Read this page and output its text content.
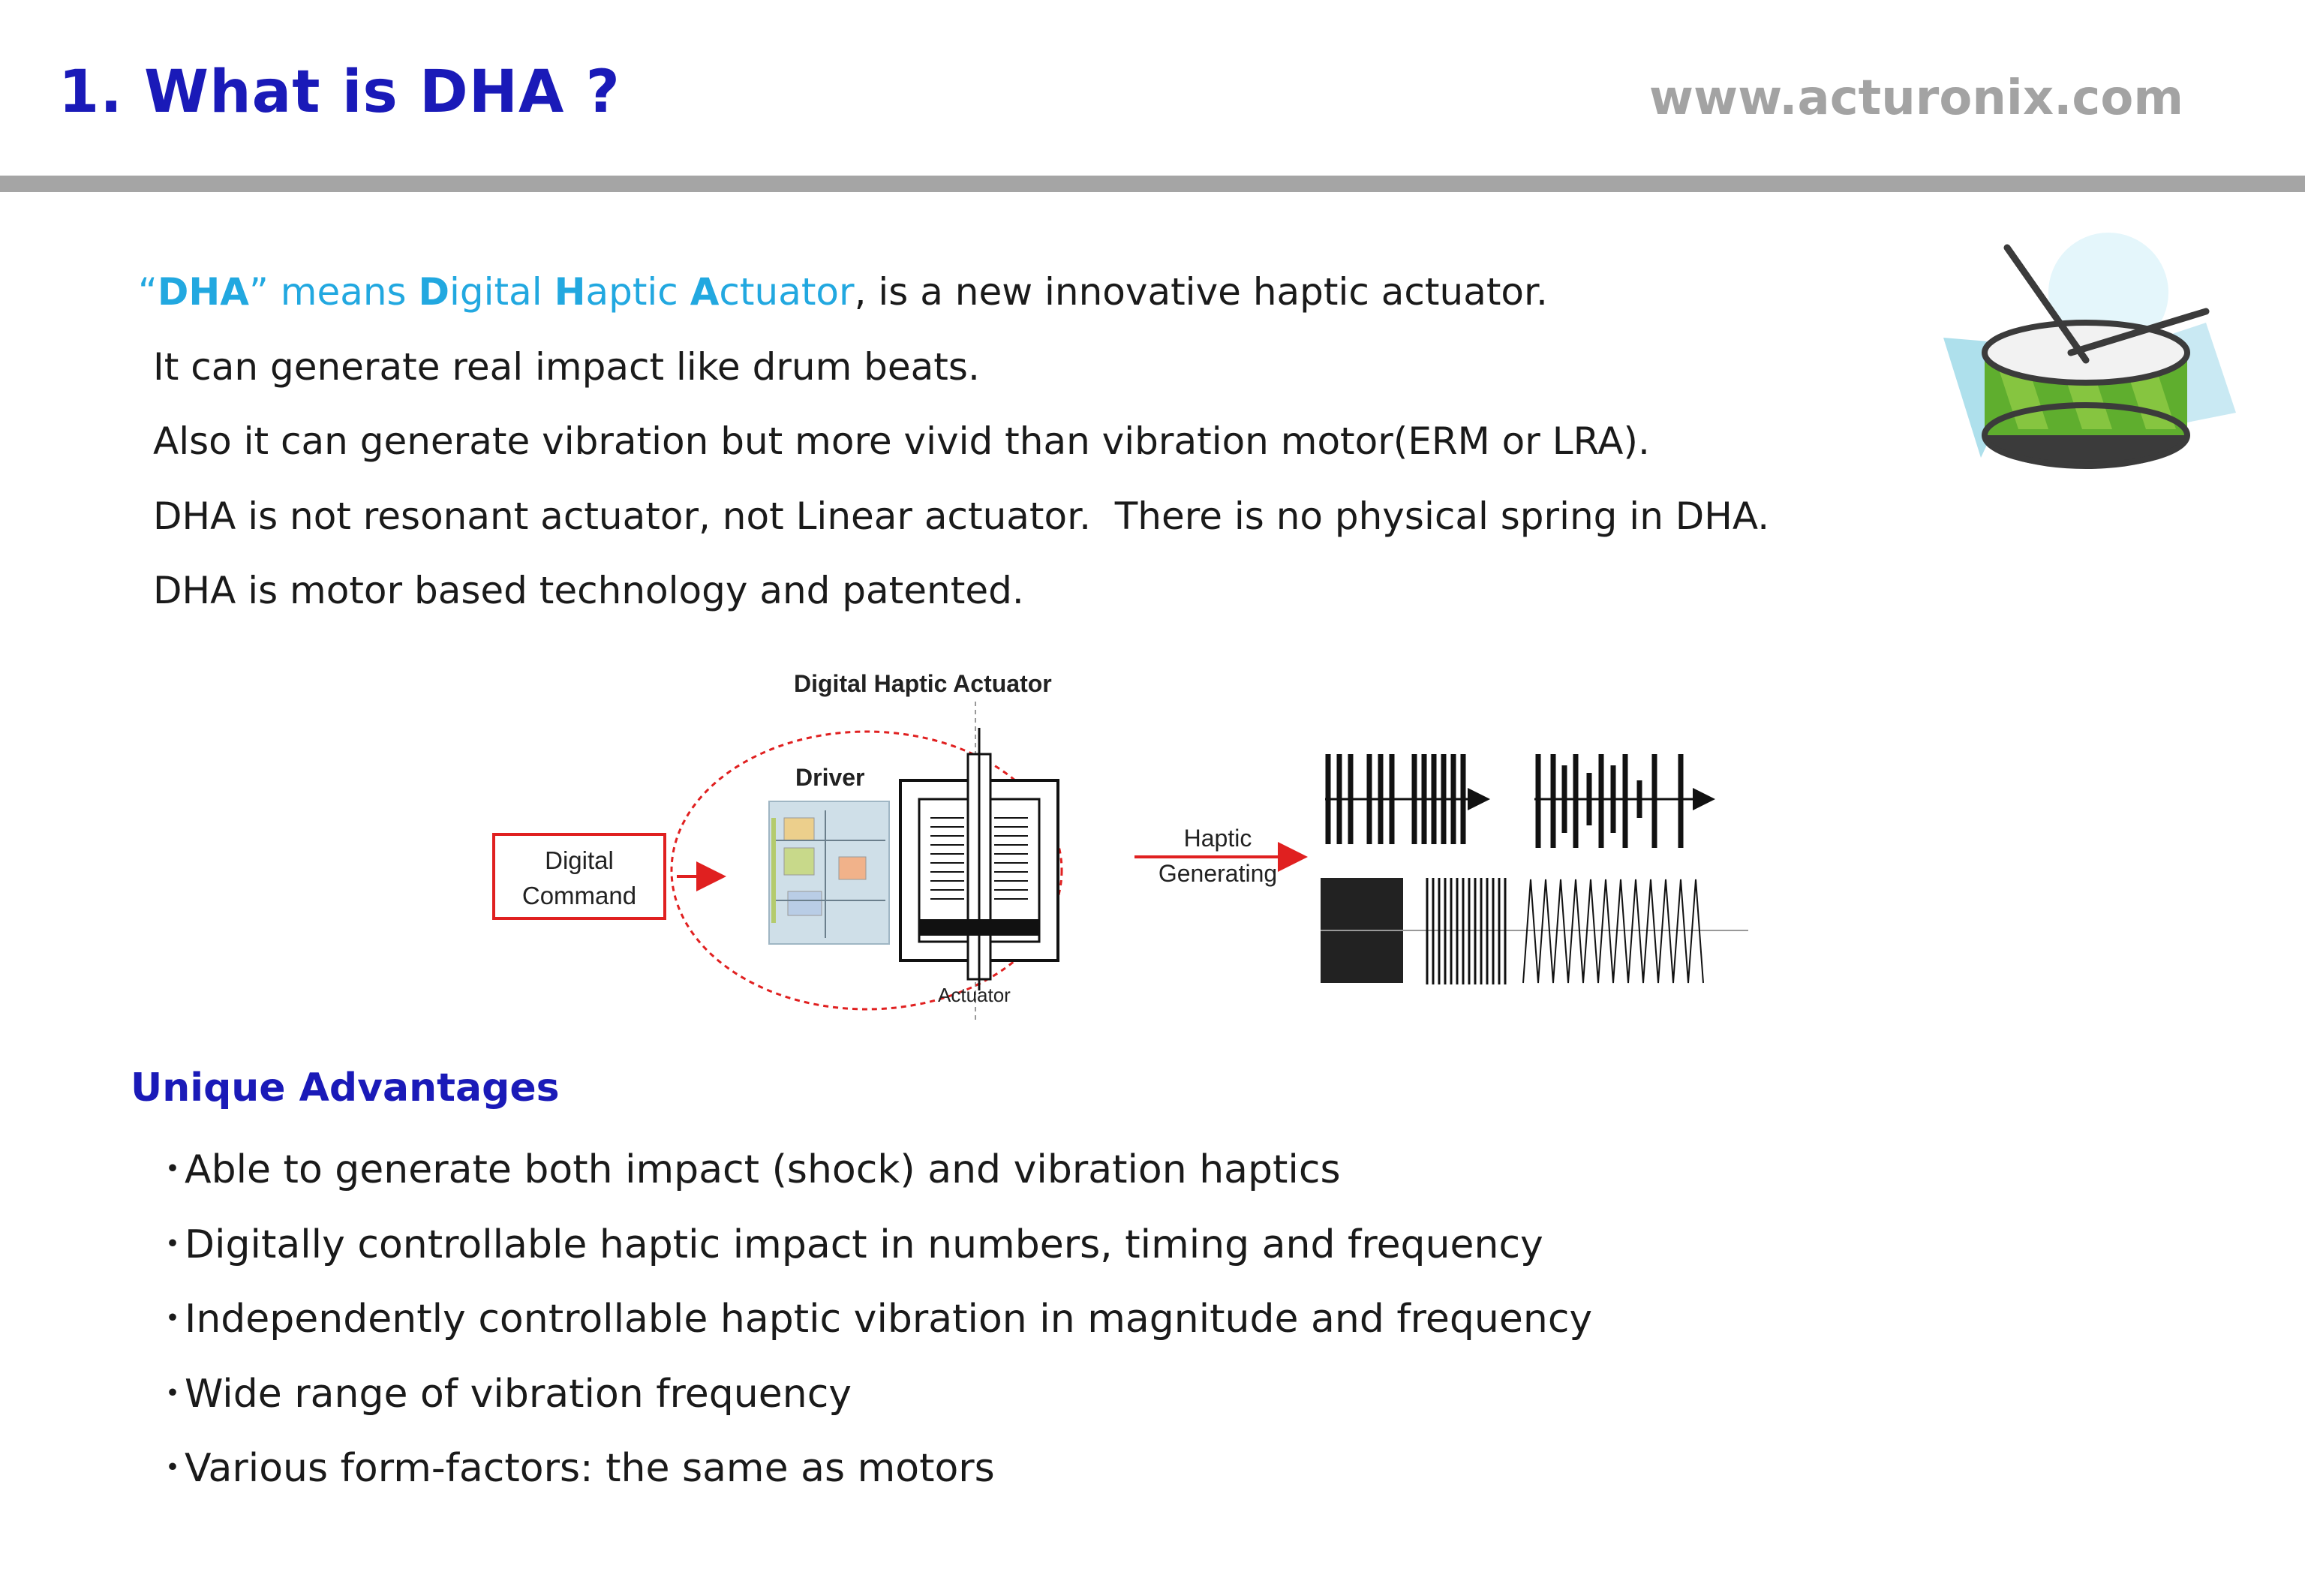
1. What is DHA ?	www.acturonix.com
“DHA” means Digital Haptic Actuator, is a new innovative haptic actuator.
It can generate real impact like drum beats.
Also it can generate vibration but more vivid than vibration motor(ERM or LRA).
DHA is not resonant actuator, not Linear actuator.  There is no physical spring in DHA.
DHA is motor based technology and patented.
Digital Haptic Actuator
Digital
Command
Driver
Actuator
Haptic
Generating
Unique Advantages
・Able to generate both impact (shock) and vibration haptics
・Digitally controllable haptic impact in numbers, timing and frequency
・Independently controllable haptic vibration in magnitude and frequency
・Wide range of vibration frequency
・Various form-factors: the same as motors
